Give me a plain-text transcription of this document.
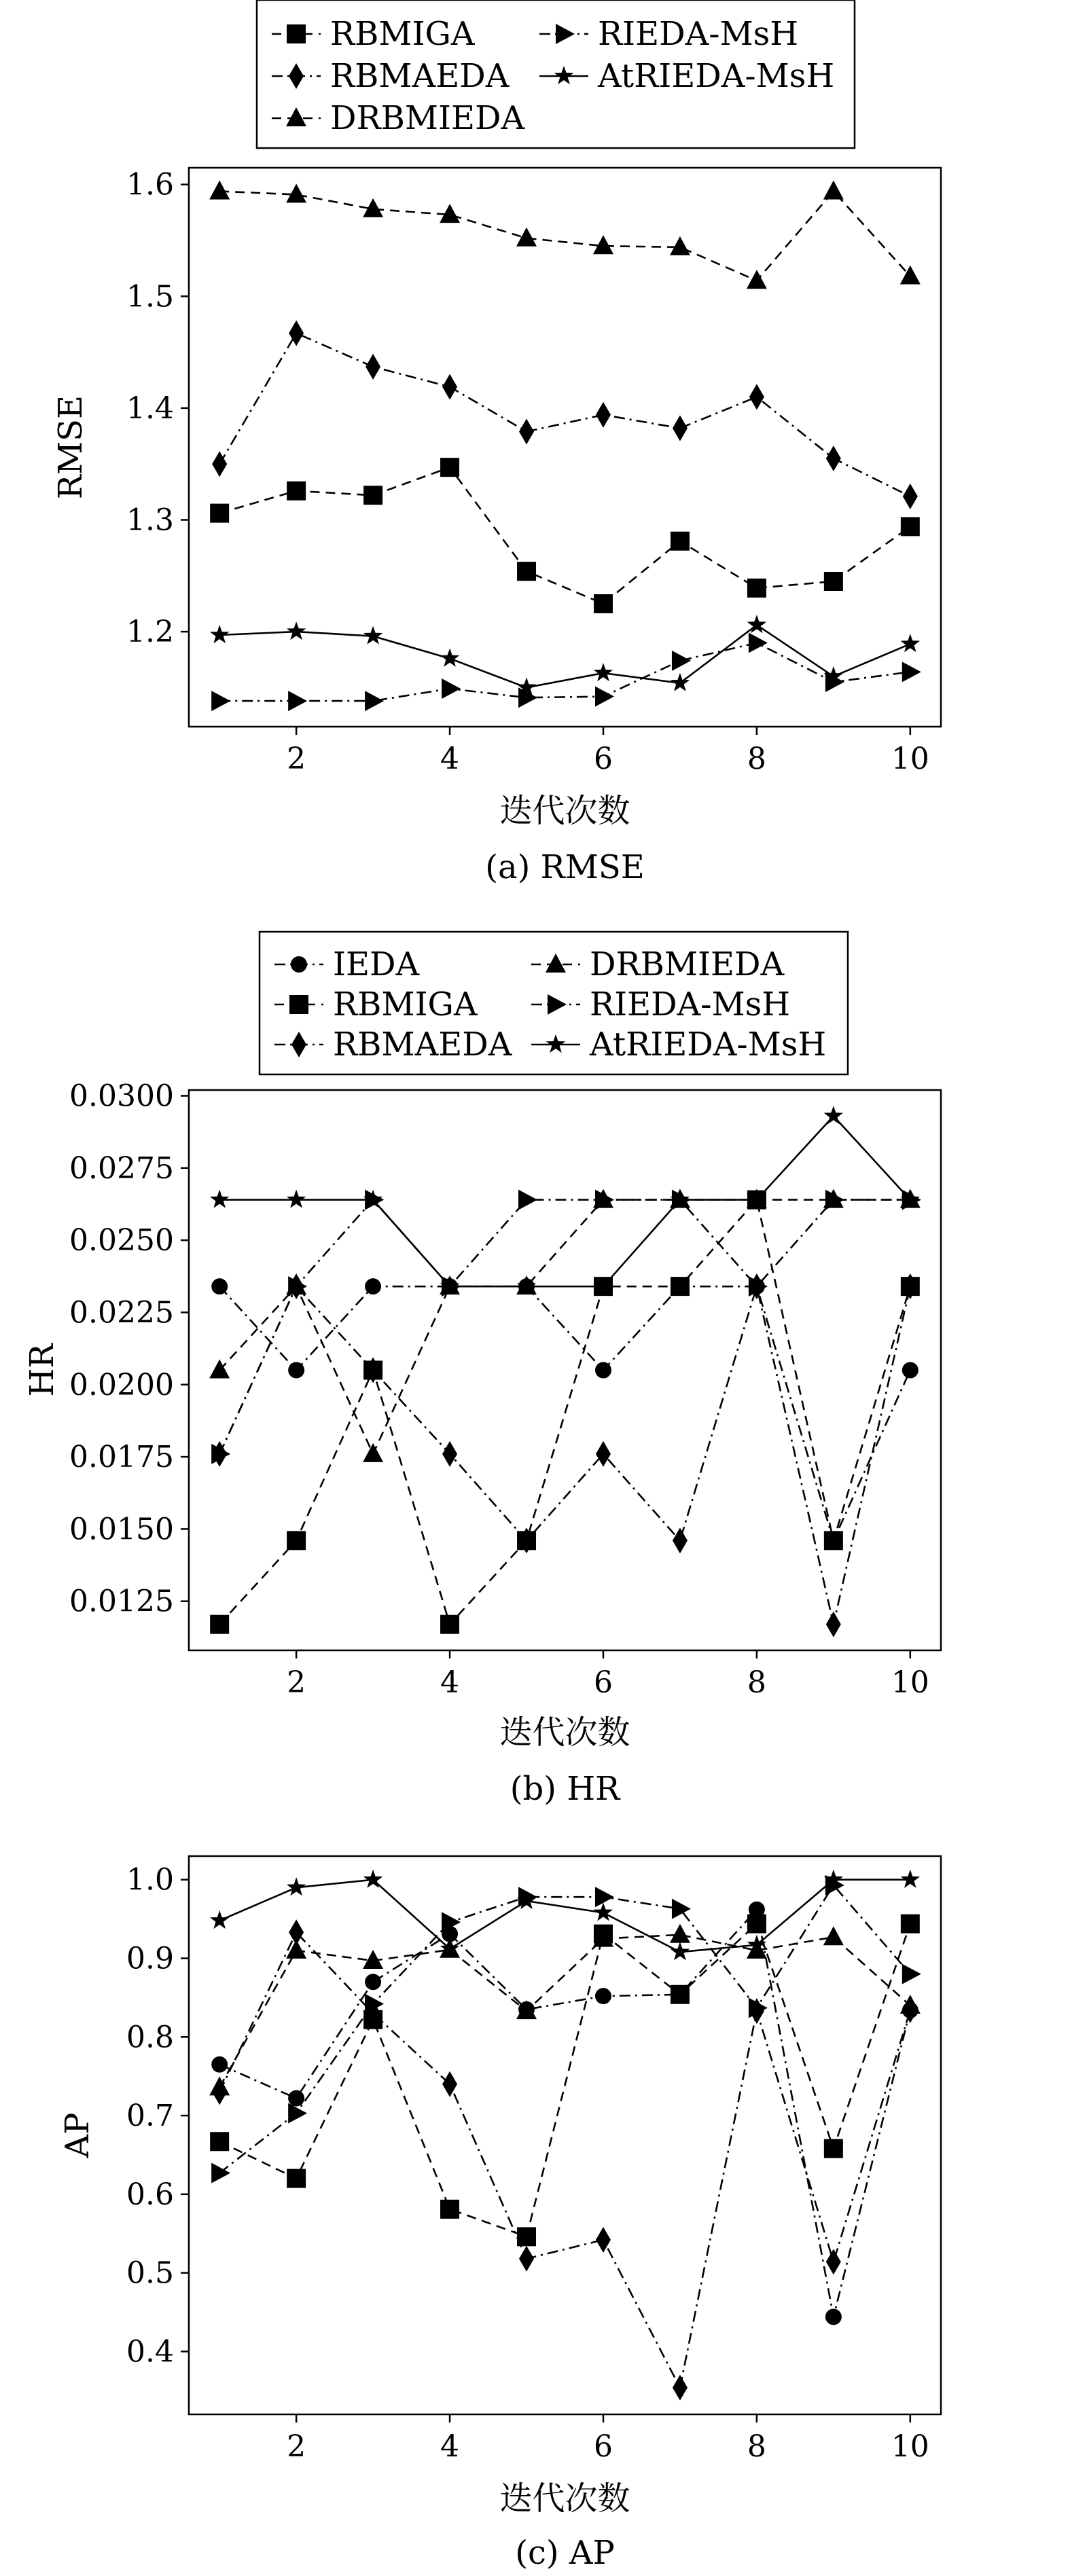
2	4	6	8	10
1.2
1.3
1.4
1.5
1.6
迭代次数
RMSE
(a) RMSE
RBMIGA
RBMAEDA
DRBMIEDA
RIEDA-MsH
AtRIEDA-MsH
2	4	6	8	10
0.0125
0.0150
0.0175
0.0200
0.0225
0.0250
0.0275
0.0300
迭代次数
HR
(b) HR
IEDA
RBMIGA
RBMAEDA
DRBMIEDA
RIEDA-MsH
AtRIEDA-MsH
2	4	6	8	10
0.4
0.5
0.6
0.7
0.8
0.9
1.0
迭代次数
AP
(c) AP
